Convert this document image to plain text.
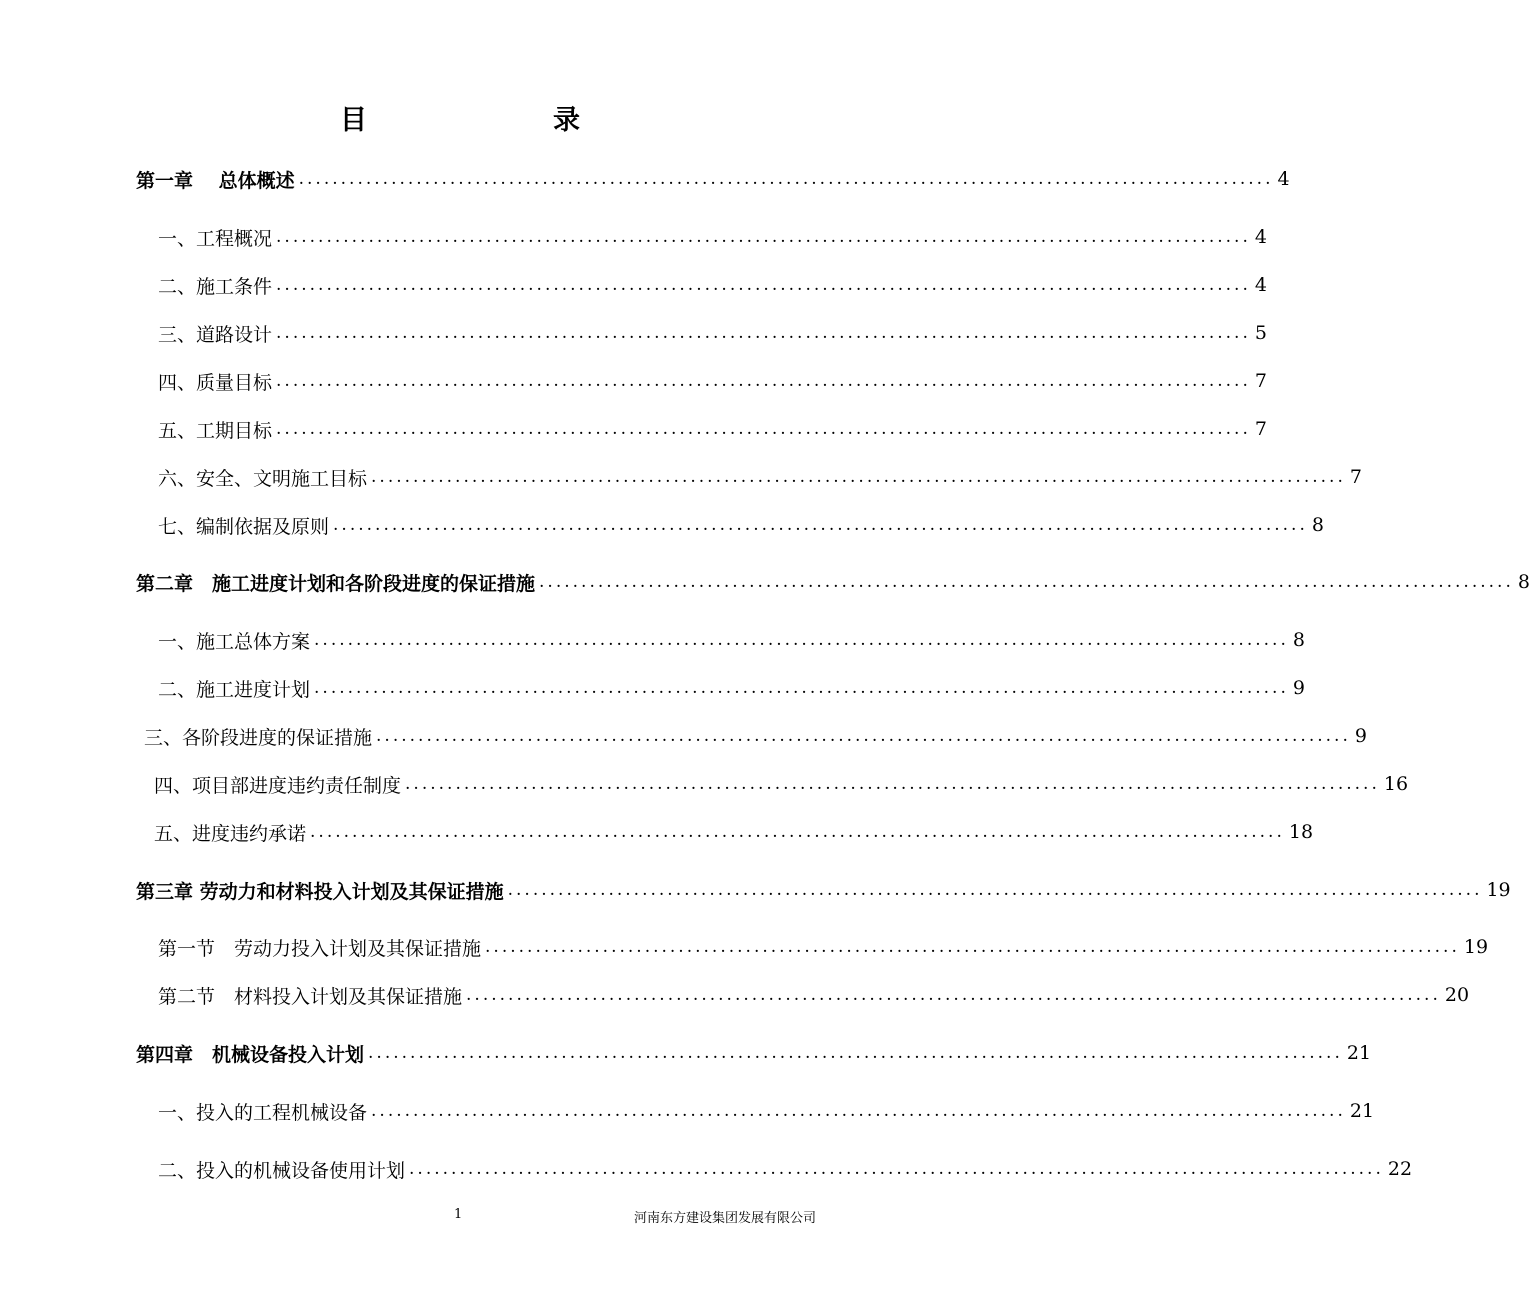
目　　录
第一章　 总体概述 .................................................................................................................... 4
一、工程概况 .................................................................................................................... 4
二、施工条件 .................................................................................................................... 4
三、道路设计 .................................................................................................................... 5
四、质量目标 .................................................................................................................... 7
五、工期目标 .................................................................................................................... 7
六、安全、文明施工目标 .................................................................................................................... 7
七、编制依据及原则 .................................................................................................................... 8
第二章　施工进度计划和各阶段进度的保证措施 .................................................................................................................... 8
一、施工总体方案 .................................................................................................................... 8
二、施工进度计划 .................................................................................................................... 9
三、各阶段进度的保证措施 .................................................................................................................... 9
四、项目部进度违约责任制度 .................................................................................................................... 16
五、进度违约承诺 .................................................................................................................... 18
第三章 劳动力和材料投入计划及其保证措施 .................................................................................................................... 19
第一节　劳动力投入计划及其保证措施 .................................................................................................................... 19
第二节　材料投入计划及其保证措施 .................................................................................................................... 20
第四章　机械设备投入计划 .................................................................................................................... 21
一、投入的工程机械设备 .................................................................................................................... 21
二、投入的机械设备使用计划 .................................................................................................................... 22
1	河南东方建设集团发展有限公司
